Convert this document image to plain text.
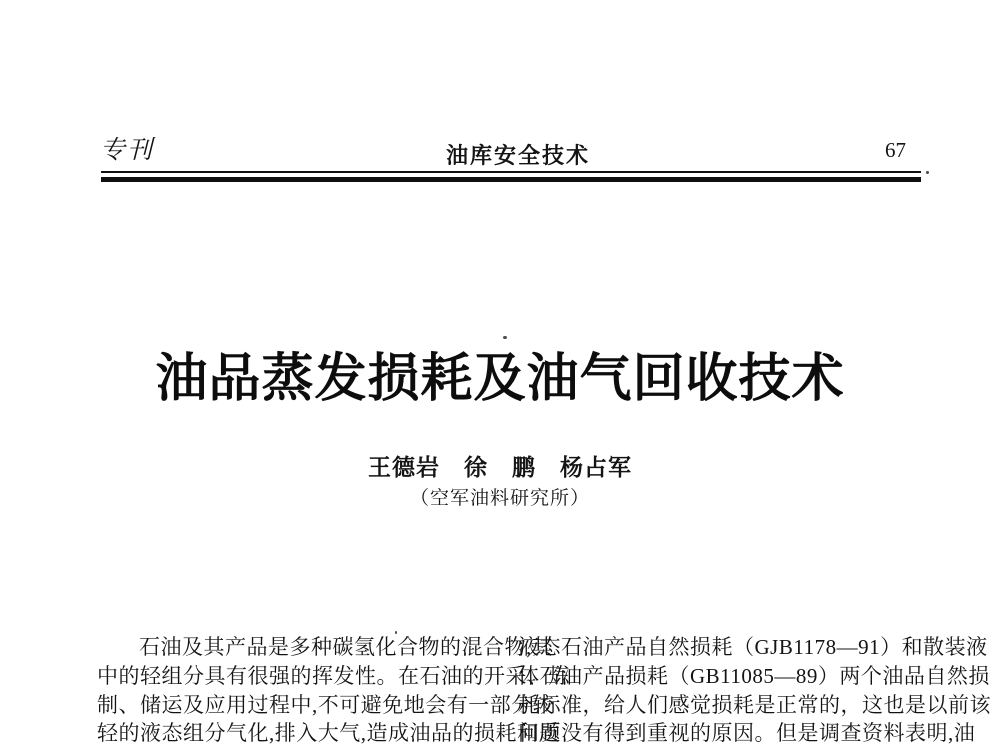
专刊	油库安全技术	67
油品蒸发损耗及油气回收技术
王德岩　徐　鹏　杨占军
（空军油料研究所）
石油及其产品是多种碳氢化合物的混合物,其
中的轻组分具有很强的挥发性。在石油的开采、炼
制、储运及应用过程中,不可避免地会有一部分较
轻的液态组分气化,排入大气,造成油品的损耗和质
液态石油产品自然损耗（GJB1178—91）和散装液
体石油产品损耗（GB11085—89）两个油品自然损
耗标准，给人们感觉损耗是正常的，这也是以前该
问题没有得到重视的原因。但是调查资料表明,油
